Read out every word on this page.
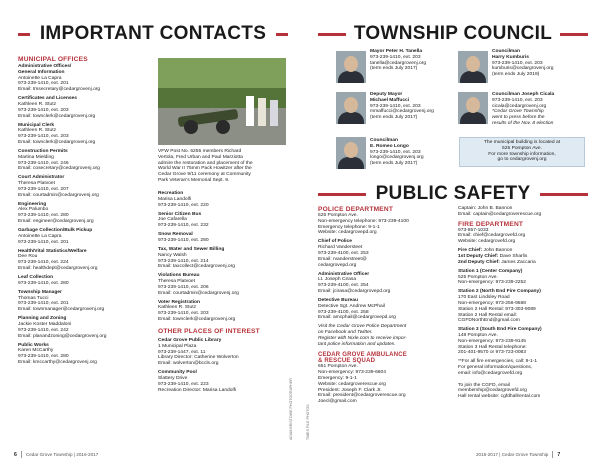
IMPORTANT CONTACTS
MUNICIPAL OFFICES
Administrative Offices/
General Information
Antoinette La Capra
973-239-1410, ext. 201
Email: tmsecretary@cedargrovenj.org
Certificates and Licenses
Kathleen R. Stutz
973-239-1410, ext. 203
Email: townclerk@cedargrovenj.org
Municipal Clerk
Kathleen R. Stutz
973-239-1410, ext. 203
Email: townclerk@cedargrovenj.org
Construction Permits
Martina Mielding
973-239-1410, ext. 246
Email: cosecretary@cedargrovenj.org
Court Administrator
Theresa Platvoet
973-239-1410, ext. 207
Email: courtadmin@cedargrovenj.org
Engineering
Alex Palumbo
973-239-1410, ext. 280
Email: engineer@cedargrovenj.org
Garbage Collection/Bulk Pickup
Antoinette La Capra
973-239-1410, ext. 201
Health/Vital Statistics/Welfare
Dee Rou
973-239-1410, ext. 224
Email: healthdept@cedargrovenj.org
Leaf Collection
973-239-1410, ext. 280
Township Manager
Thomas Tucci
973-239-1410, ext. 201
Email: townmanager@cedargrovenj.org
Planning and Zoning
Jackie Koster Maddaloni
973-239-1410, ext. 242
Email: planandzoning@cedargrovenj.org
Public Works
Karen McCarthy
973-239-1410, ext. 280
Email: kmccarthy@cedargrovenj.org
VFW Post No. 6255 members Richard
Vertola, Fred Urban and Paul Marziotta
admire the restoration and placement of the
World War II 75mm Pack Howitzer after the
Cedar Grove 9/11 ceremony at Community
Park Veteran's Memorial Sept. 9.
Recreation
Marisa Landolfi
973-239-1410, ext. 220
Senior Citizen Bus
Joe Cafarella
973-239-1410, ext. 232
Snow Removal
973-239-1410, ext. 280
Tax, Water and Sewer Billing
Nancy Walsh
973-239-1410, ext. 214
Email: taxcollect@cedargrovenj.org
Violations Bureau
Theresa Platvoet
973-239-1410, ext. 206
Email: courtadmin@cedargrovenj.org
Voter Registration
Kathleen R. Stutz
973-239-1410, ext. 203
Email: townclerk@cedargrovenj.org
OTHER PLACES OF INTEREST
Cedar Grove Public Library
1 Municipal Plaza
973-239-1447, ext. 11
Library Director: Catherine Wolverton
Email: wolverton@bccls.org
Community Pool
Slattery Drive
973-239-1410, ext. 223
Recreation Director: Marisa Landolfi	ADAM BRISTOWE PHOTOGRAPHER	TIMES FILE PHOTOS
TOWNSHIP COUNCIL
Mayor Peter H. Tanella
973-239-1410, ext. 203
tanella@cedargrovenj.org
(term ends July 2017)
Deputy Mayor
Michael Maffucci
973-239-1410, ext. 203
mmaffucci@cedargrovenj.org
(term ends July 2017)
Councilman
E. Romeo Longo
973-239-1410, ext. 203
longo@cedargrovenj.org
(term ends July 2017)
Councilman
Harry Kumburis
973-239-1410, ext. 203
kumburis@cedargrovenj.org
(term ends July 2019)
Councilman Joseph Cicala
973-239-1410, ext. 203
cicala@cedargrovenj.org
*Cedar Grove Township
went to press before the
results of the Nov. 8 election
The municipal building is located at
525 Pompton Ave.
For more township information,
go to cedargrovenj.org
PUBLIC SAFETY
POLICE DEPARTMENT
525 Pompton Ave.
Non-emergency telephone: 973-239-4100
Emergency telephone: 9-1-1
Website: cedargrovepd.org
Chief of Police
Richard Vandersteet
973-239-4100, ext. 253
Email: rvanderstreet@
cedargrovepd.org
Administrative Officer
Lt. Joseph Cirasa
973-239-4100, ext. 254
Email: jcirasa@cedargrovepd.org
Detective Bureau
Detective Sgt. Andrew McPhail
973-239-4100, ext. 258
Email: amcphail@cedargrovepd.org
Visit the Cedar Grove Police Department
on Facebook and Twitter.
Register with Nixle.com to receive impor-
tant police information and updates.
CEDAR GROVE AMBULANCE
& RESCUE SQUAD
651 Pompton Ave.
Non-emergency: 973-239-6604
Emergency: 9-1-1
Website: cedargroverescue.org
President: Joseph F. Clark Jr.
Email: president@cedargroverescue.org
Joecl@gmail.com
Captain: John B. Bannon
Email: captain@cedargroverescue.org
FIRE DEPARTMENT
973-857-1033
Email: chief@cedargrovefd.org
Website: cedargrovefd.org
Fire Chief: John Bannon
1st Deputy Chief: Dave Sharlis
2nd Deputy Chief: James Zaccaria
Station 1 (Center Company)
525 Pompton Ave.
Non-emergency: 973-239-2252
Station 2 (North End Fire Company)
170 East Lindsley Road
Non-emergency: 973-256-9588
Station 2 Hall Rental: 973-303-9089
Station 2 Hall Rental email:
CGFDNorthEnd@gmail.com
Station 3 (South End Fire Company)
148 Pompton Ave.
Non-emergency: 973-239-9145
Station 3 Hall Rental telephone:
201-401-9570 or 973-723-0083
**For all fire emergencies, call: 9-1-1
For general information/questions,
email: info@cedargrovefd.org
To join the CGFD, email
membership@cedargrovefd.org
Hall rental website: cgfdhallrental.com
6 Cedar Grove Township | 2016-2017	2016-2017 | Cedar Grove Township 7
